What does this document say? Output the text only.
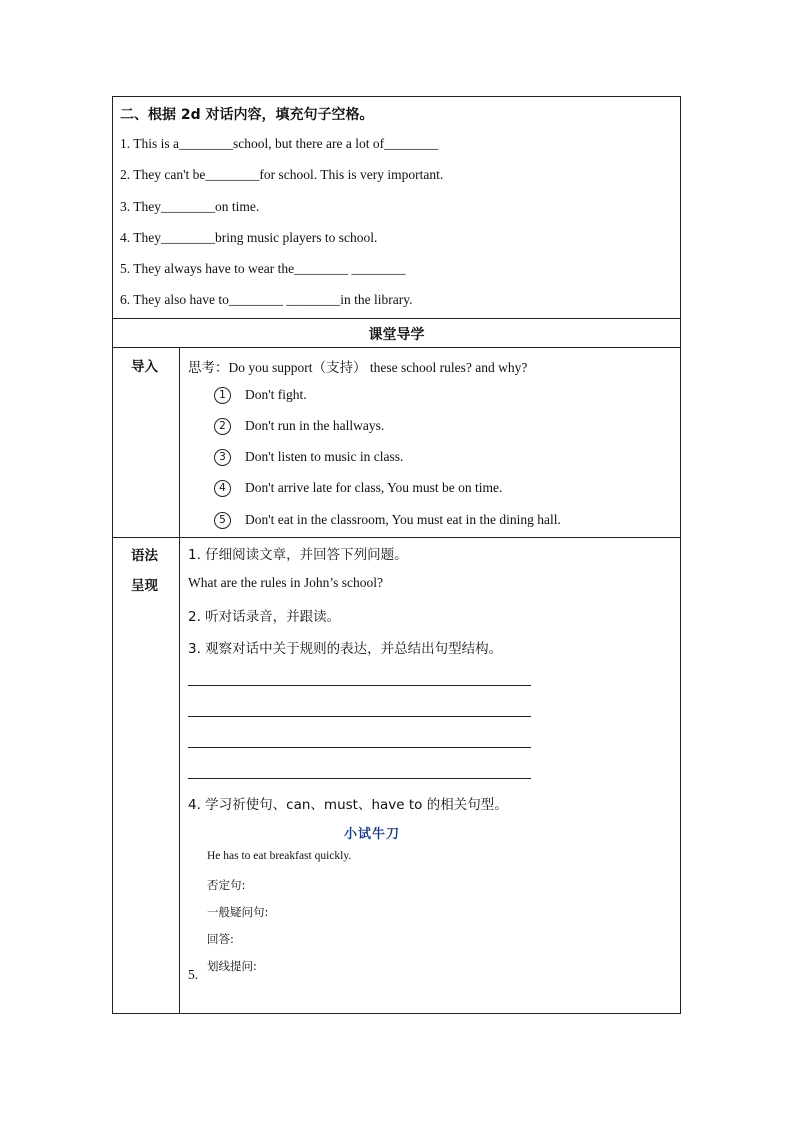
二、根据 2d 对话内容，填充句子空格。
1. This is a________school, but there are a lot of________
2. They can't be________for school. This is very important.
3. They________on time.
4. They________bring music players to school.
5. They always have to wear the________ ________
6. They also have to________ ________in the library.
课堂导学
导入 思考：Do you support（支持） these school rules? and why?
1 Don't fight.
2 Don't run in the hallways.
3 Don't listen to music in class.
4 Don't arrive late for class, You must be on time.
5 Don't eat in the classroom, You must eat in the dining hall.
语法
呈现
1. 仔细阅读文章，并回答下列问题。
What are the rules in John’s school?
2. 听对话录音，并跟读。
3. 观察对话中关于规则的表达，并总结出句型结构。
4. 学习祈使句、can、must、have to 的相关句型。
小试牛刀
He has to eat breakfast quickly.
否定句:
一般疑问句:
回答:
划线提问:
5.
